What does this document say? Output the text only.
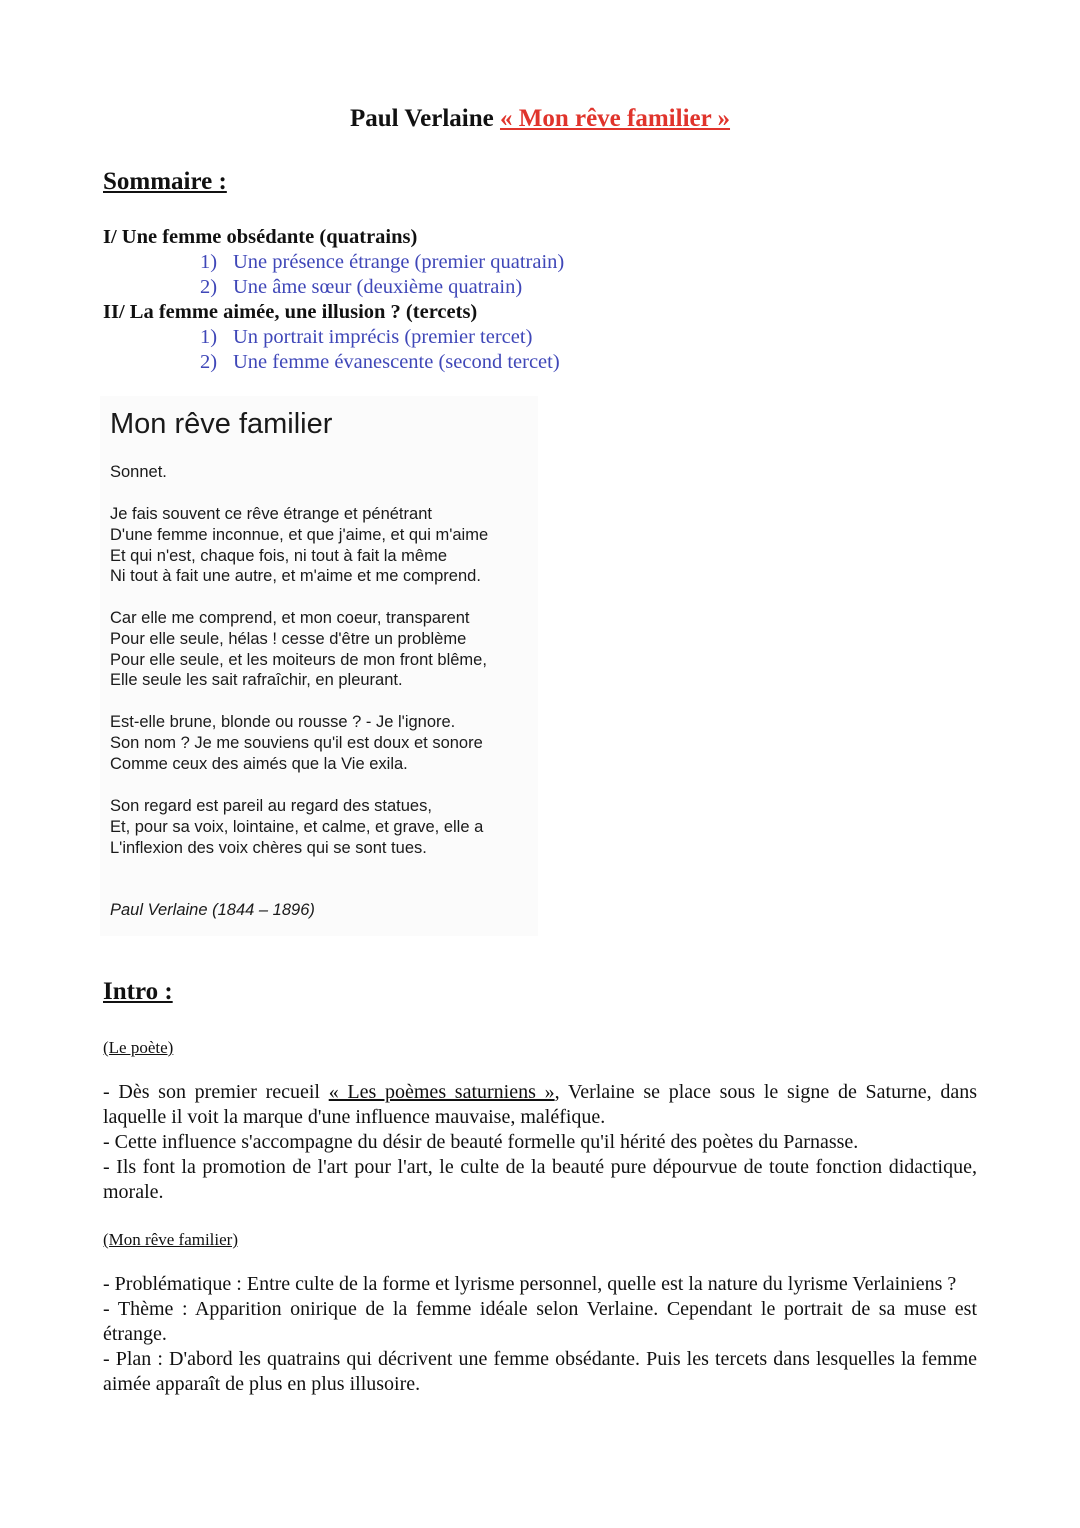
Paul Verlaine « Mon rêve familier »
Sommaire :
I/ Une femme obsédante (quatrains)
1) Une présence étrange (premier quatrain)
2) Une âme sœur (deuxième quatrain)
II/ La femme aimée, une illusion ? (tercets)
1) Un portrait imprécis (premier tercet)
2) Une femme évanescente (second tercet)
Mon rêve familier
Sonnet.
Je fais souvent ce rêve étrange et pénétrant
D'une femme inconnue, et que j'aime, et qui m'aime
Et qui n'est, chaque fois, ni tout à fait la même
Ni tout à fait une autre, et m'aime et me comprend.
Car elle me comprend, et mon coeur, transparent
Pour elle seule, hélas ! cesse d'être un problème
Pour elle seule, et les moiteurs de mon front blême,
Elle seule les sait rafraîchir, en pleurant.
Est-elle brune, blonde ou rousse ? - Je l'ignore.
Son nom ? Je me souviens qu'il est doux et sonore
Comme ceux des aimés que la Vie exila.
Son regard est pareil au regard des statues,
Et, pour sa voix, lointaine, et calme, et grave, elle a
L'inflexion des voix chères qui se sont tues.
Paul Verlaine (1844 – 1896)
Intro :
(Le poète)

- Dès son premier recueil « Les poèmes saturniens », Verlaine se place sous le signe de Saturne, dans laquelle il voit la marque d'une influence mauvaise, maléfique.

- Cette influence s'accompagne du désir de beauté formelle qu'il hérité des poètes du Parnasse.

- Ils font la promotion de l'art pour l'art, le culte de la beauté pure dépourvue de toute fonction didactique, morale.

(Mon rêve familier)

- Problématique : Entre culte de la forme et lyrisme personnel, quelle est la nature du lyrisme Verlainiens ?

- Thème : Apparition onirique de la femme idéale selon Verlaine. Cependant le portrait de sa muse est étrange.

- Plan : D'abord les quatrains qui décrivent une femme obsédante. Puis les tercets dans lesquelles la femme aimée apparaît de plus en plus illusoire.
